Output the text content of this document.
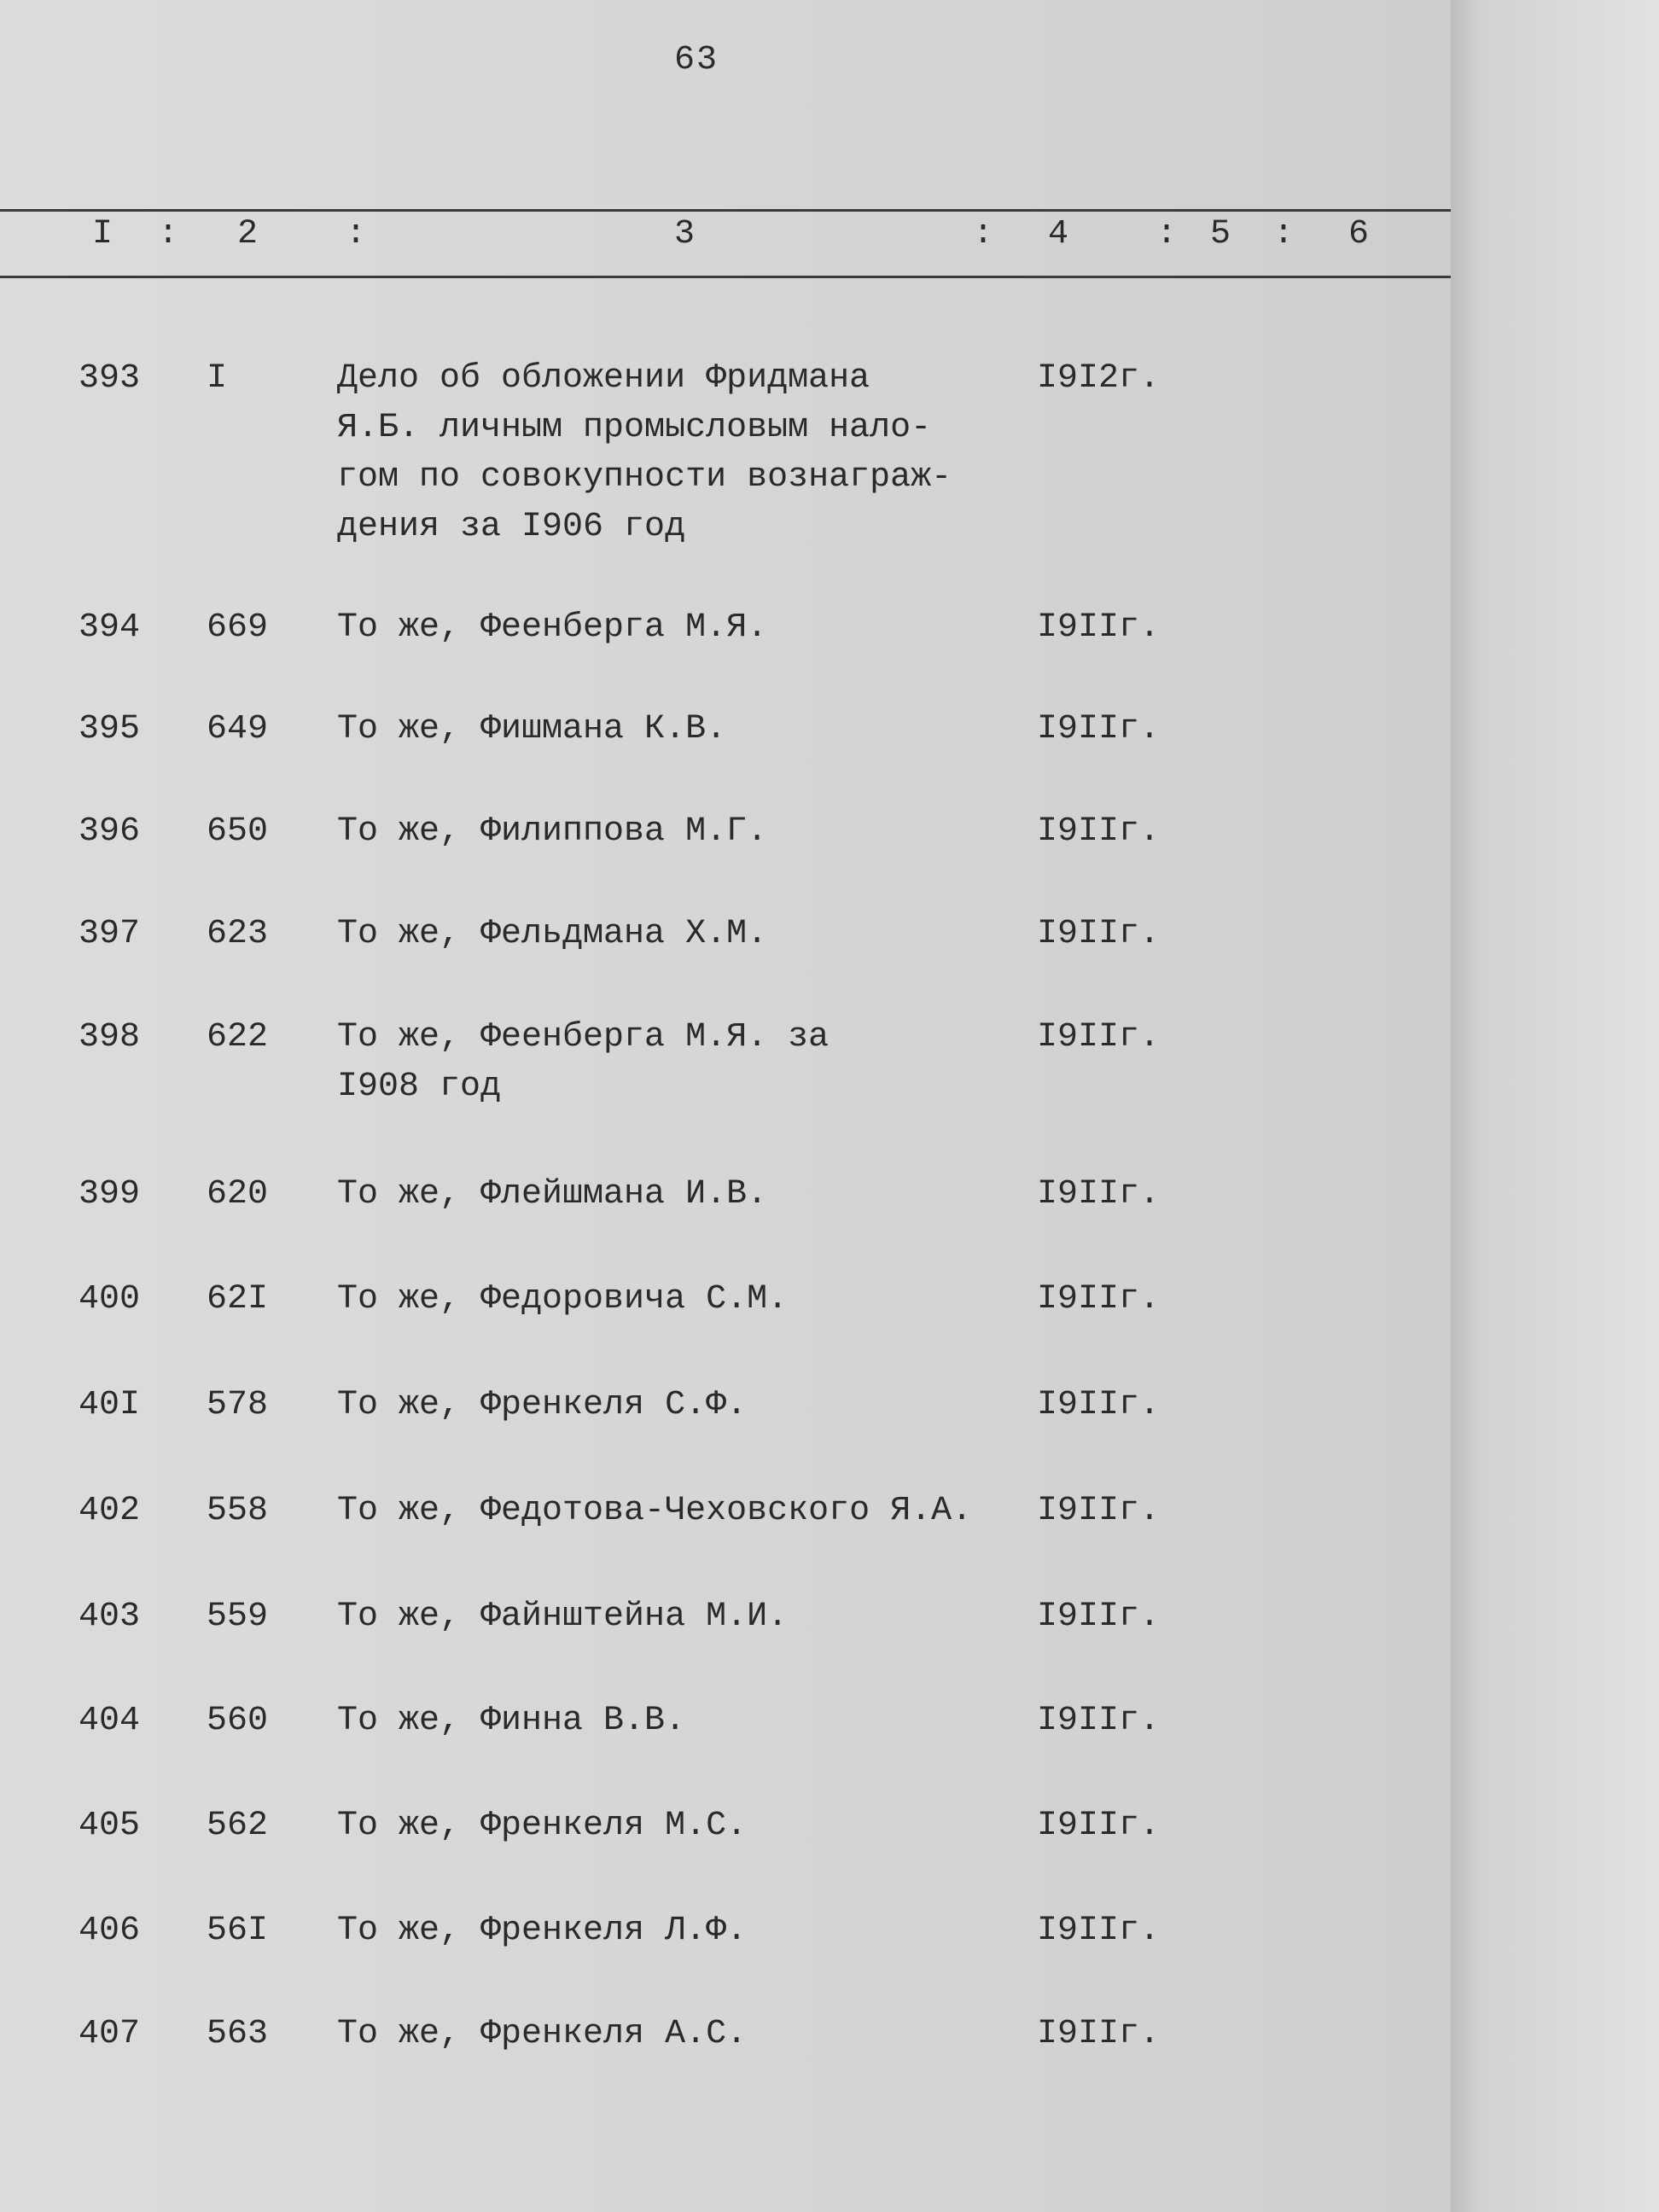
63
I : 2	:	3	: 4	: 5 : 6
393 I	Дело об обложении Фридмана
Я.Б. личным промысловым нало-
гом по совокупности вознаграж-
дения за I906 год
I9I2г.
394 669 То же, Феенберга М.Я.	I9IIг.
395 649 То же, Фишмана К.В.	I9IIг.
396 650 То же, Филиппова М.Г.	I9IIг.
397 623 То же, Фельдмана Х.М.	I9IIг.
398 622 То же, Феенберга М.Я. за
I908 год
I9IIг.
399 620 То же, Флейшмана И.В.	I9IIг.
400 62I То же, Федоровича С.М.	I9IIг.
40I 578 То же, Френкеля С.Ф.	I9IIг.
402 558 То же, Федотова-Чеховского Я.А.	I9IIг.
403 559 То же, Файнштейна М.И.	I9IIг.
404 560 То же, Финна В.В.	I9IIг.
405 562 То же, Френкеля М.С.	I9IIг.
406 56I То же, Френкеля Л.Ф.	I9IIг.
407 563 То же, Френкеля А.С.	I9IIг.
